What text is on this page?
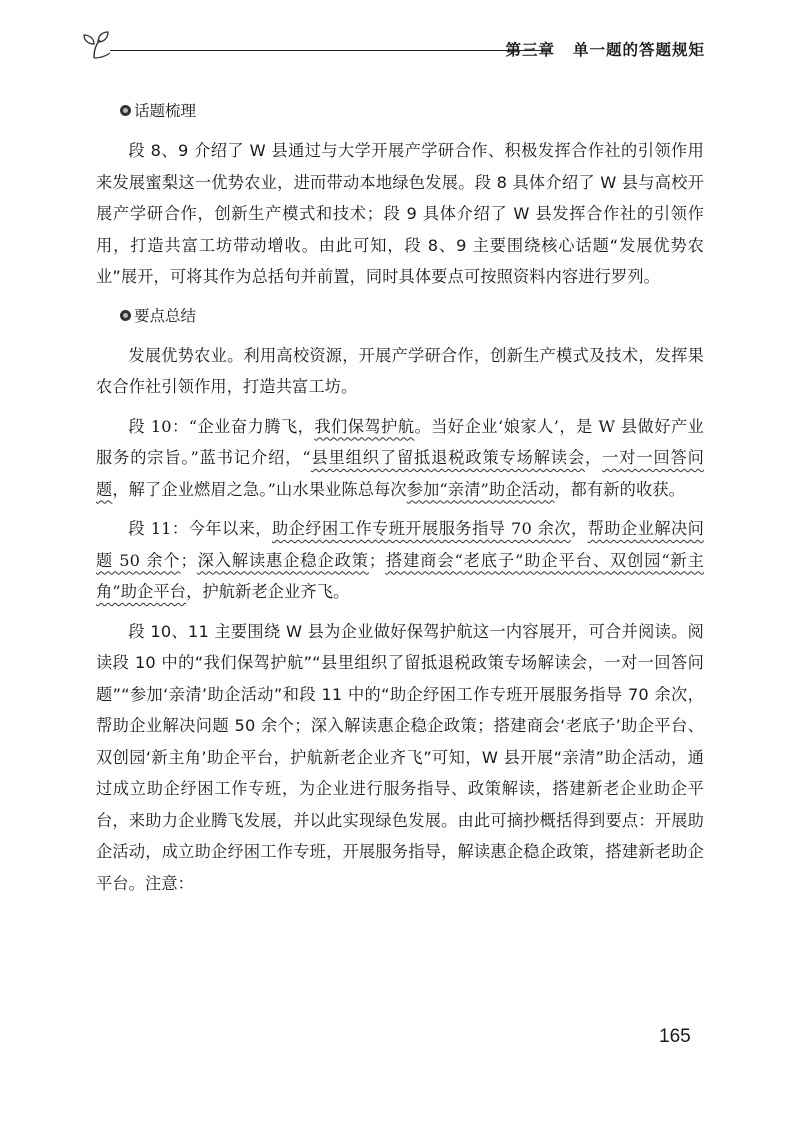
第三章 单一题的答题规矩
话题梳理

段 8、9 介绍了 W 县通过与大学开展产学研合作、积极发挥合作社的引领作用来发展蜜梨这一优势农业，进而带动本地绿色发展。段 8 具体介绍了 W 县与高校开展产学研合作，创新生产模式和技术；段 9 具体介绍了 W 县发挥合作社的引领作用，打造共富工坊带动增收。由此可知，段 8、9 主要围绕核心话题“发展优势农业”展开，可将其作为总括句并前置，同时具体要点可按照资料内容进行罗列。

要点总结

发展优势农业。利用高校资源，开展产学研合作，创新生产模式及技术，发挥果农合作社引领作用，打造共富工坊。

段 10：“企业奋力腾飞，我们保驾护航。当好企业‘娘家人’，是 W 县做好产业服务的宗旨。”蓝书记介绍，“县里组织了留抵退税政策专场解读会，一对一回答问题，解了企业燃眉之急。”山水果业陈总每次参加“亲清”助企活动，都有新的收获。

段 11：今年以来，助企纾困工作专班开展服务指导 70 余次，帮助企业解决问题 50 余个；深入解读惠企稳企政策；搭建商会“老底子”助企平台、双创园“新主角”助企平台，护航新老企业齐飞。

段 10、11 主要围绕 W 县为企业做好保驾护航这一内容展开，可合并阅读。阅读段 10 中的“我们保驾护航”“县里组织了留抵退税政策专场解读会，一对一回答问题”“参加‘亲清’助企活动”和段 11 中的“助企纾困工作专班开展服务指导 70 余次，帮助企业解决问题 50 余个；深入解读惠企稳企政策；搭建商会‘老底子’助企平台、双创园‘新主角’助企平台，护航新老企业齐飞”可知，W 县开展“亲清”助企活动，通过成立助企纾困工作专班，为企业进行服务指导、政策解读，搭建新老企业助企平台，来助力企业腾飞发展，并以此实现绿色发展。由此可摘抄概括得到要点：开展助企活动，成立助企纾困工作专班，开展服务指导，解读惠企稳企政策，搭建新老助企平台。注意：

165
